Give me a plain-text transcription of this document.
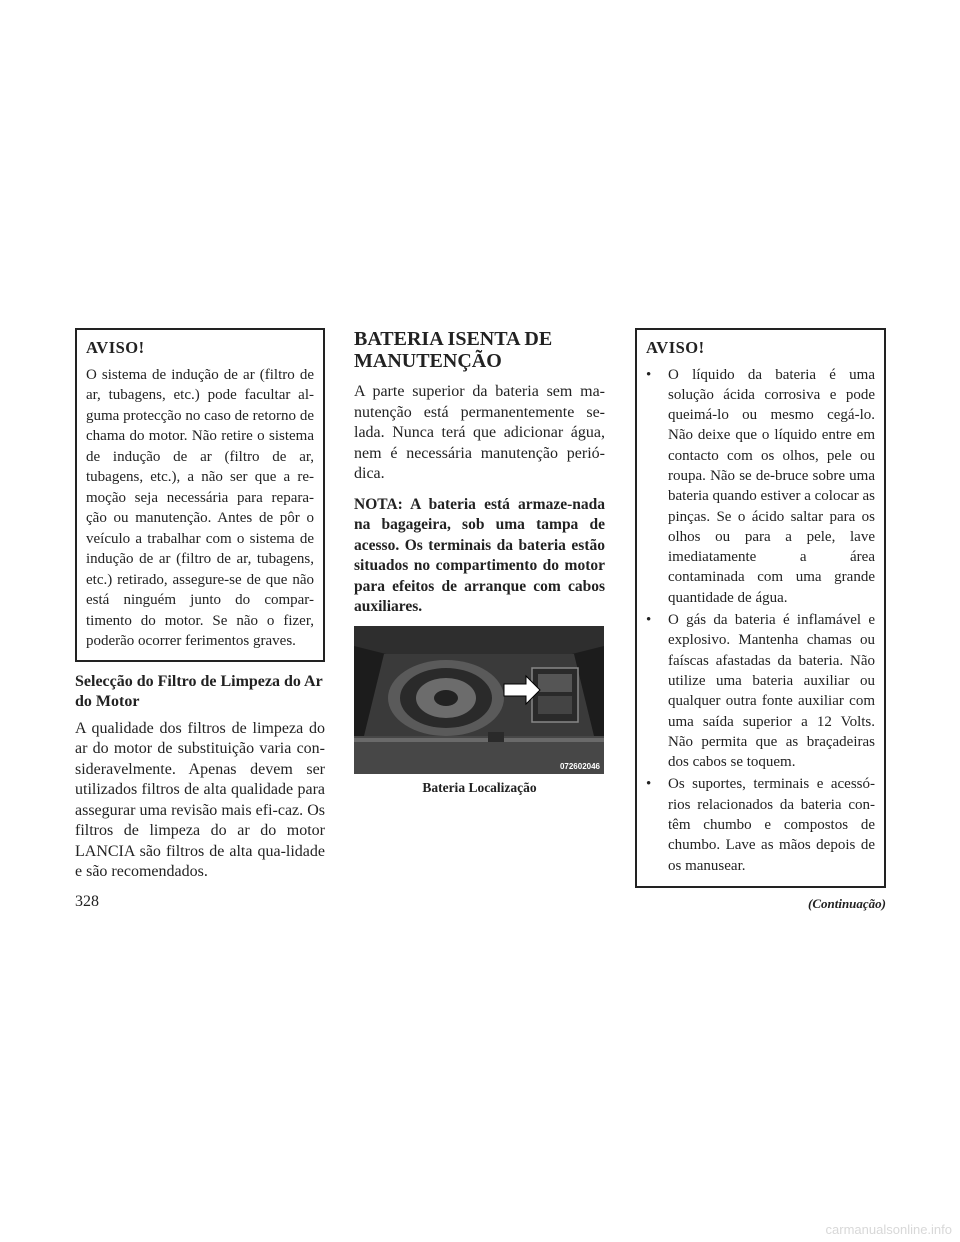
AVISO!

O sistema de indução de ar (filtro de ar, tubagens, etc.) pode facultar al-guma protecção no caso de retorno de chama do motor. Não retire o sistema de indução de ar (filtro de ar, tubagens, etc.), a não ser que a re-moção seja necessária para repara-ção ou manutenção. Antes de pôr o veículo a trabalhar com o sistema de indução de ar (filtro de ar, tubagens, etc.) retirado, assegure-se de que não está ninguém junto do compar-timento do motor. Se não o fizer, poderão ocorrer ferimentos graves.

Selecção do Filtro de Limpeza do Ar do Motor

A qualidade dos filtros de limpeza do ar do motor de substituição varia con-sideravelmente. Apenas devem ser utilizados filtros de alta qualidade para assegurar uma revisão mais efi-caz. Os filtros de limpeza do ar do motor LANCIA são filtros de alta qua-lidade e são recomendados.

BATERIA ISENTA DE MANUTENÇÃO

A parte superior da bateria sem ma-nutenção está permanentemente se-lada. Nunca terá que adicionar água, nem é necessária manutenção perió-dica.

NOTA: A bateria está armaze-nada na bagageira, sob uma tampa de acesso. Os terminais da bateria estão situados no compartimento do motor para efeitos de arranque com cabos auxiliares.

072602046

Bateria Localização

AVISO!

• O líquido da bateria é uma solução ácida corrosiva e pode queimá-lo ou mesmo cegá-lo. Não deixe que o líquido entre em contacto com os olhos, pele ou roupa. Não se de-bruce sobre uma bateria quando estiver a colocar as pinças. Se o ácido saltar para os olhos ou para a pele, lave imediatamente a área contaminada com uma grande quantidade de água.
• O gás da bateria é inflamável e explosivo. Mantenha chamas ou faíscas afastadas da bateria. Não utilize uma bateria auxiliar ou qualquer outra fonte auxiliar com uma saída superior a 12 Volts. Não permita que as braçadeiras dos cabos se toquem.
• Os suportes, terminais e acessó-rios relacionados da bateria con-têm chumbo e compostos de chumbo. Lave as mãos depois de os manusear.

(Continuação)

328
carmanualsonline.info
